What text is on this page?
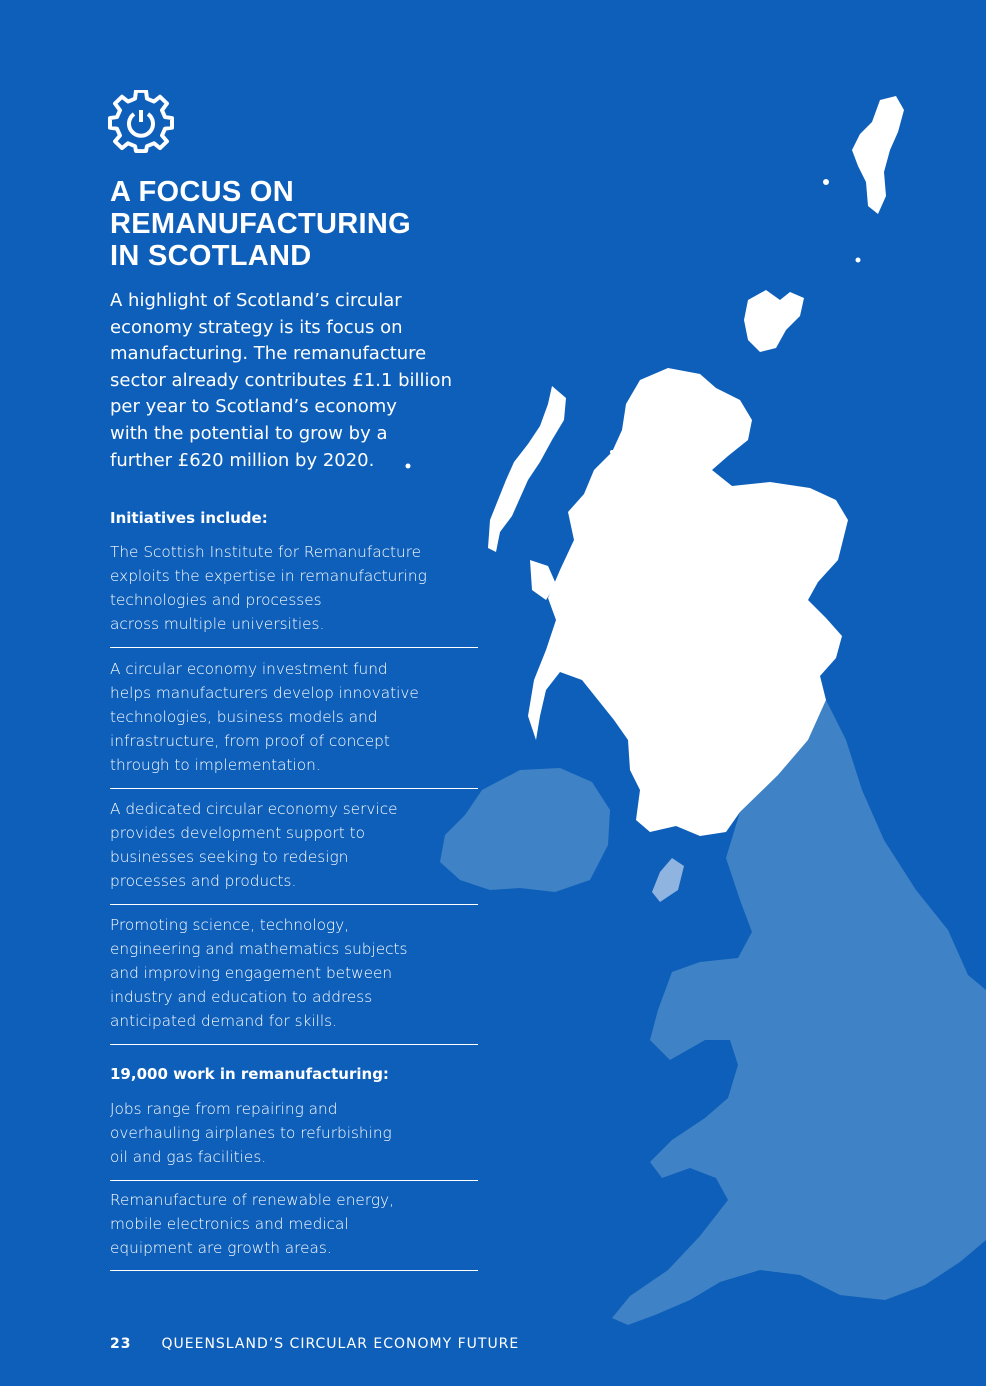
A FOCUS ON
REMANUFACTURING
IN SCOTLAND

A highlight of Scotland’s circular
economy strategy is its focus on
manufacturing. The remanufacture
sector already contributes £1.1 billion
per year to Scotland’s economy
with the potential to grow by a
further £620 million by 2020.

Initiatives include:

The Scottish Institute for Remanufacture
exploits the expertise in remanufacturing
technologies and processes
across multiple universities.

A circular economy investment fund
helps manufacturers develop innovative
technologies, business models and
infrastructure, from proof of concept
through to implementation.

A dedicated circular economy service
provides development support to
businesses seeking to redesign
processes and products.

Promoting science, technology,
engineering and mathematics subjects
and improving engagement between
industry and education to address
anticipated demand for skills.

19,000 work in remanufacturing:

Jobs range from repairing and
overhauling airplanes to refurbishing
oil and gas facilities.

Remanufacture of renewable energy,
mobile electronics and medical
equipment are growth areas.

23 QUEENSLAND’S CIRCULAR ECONOMY FUTURE
